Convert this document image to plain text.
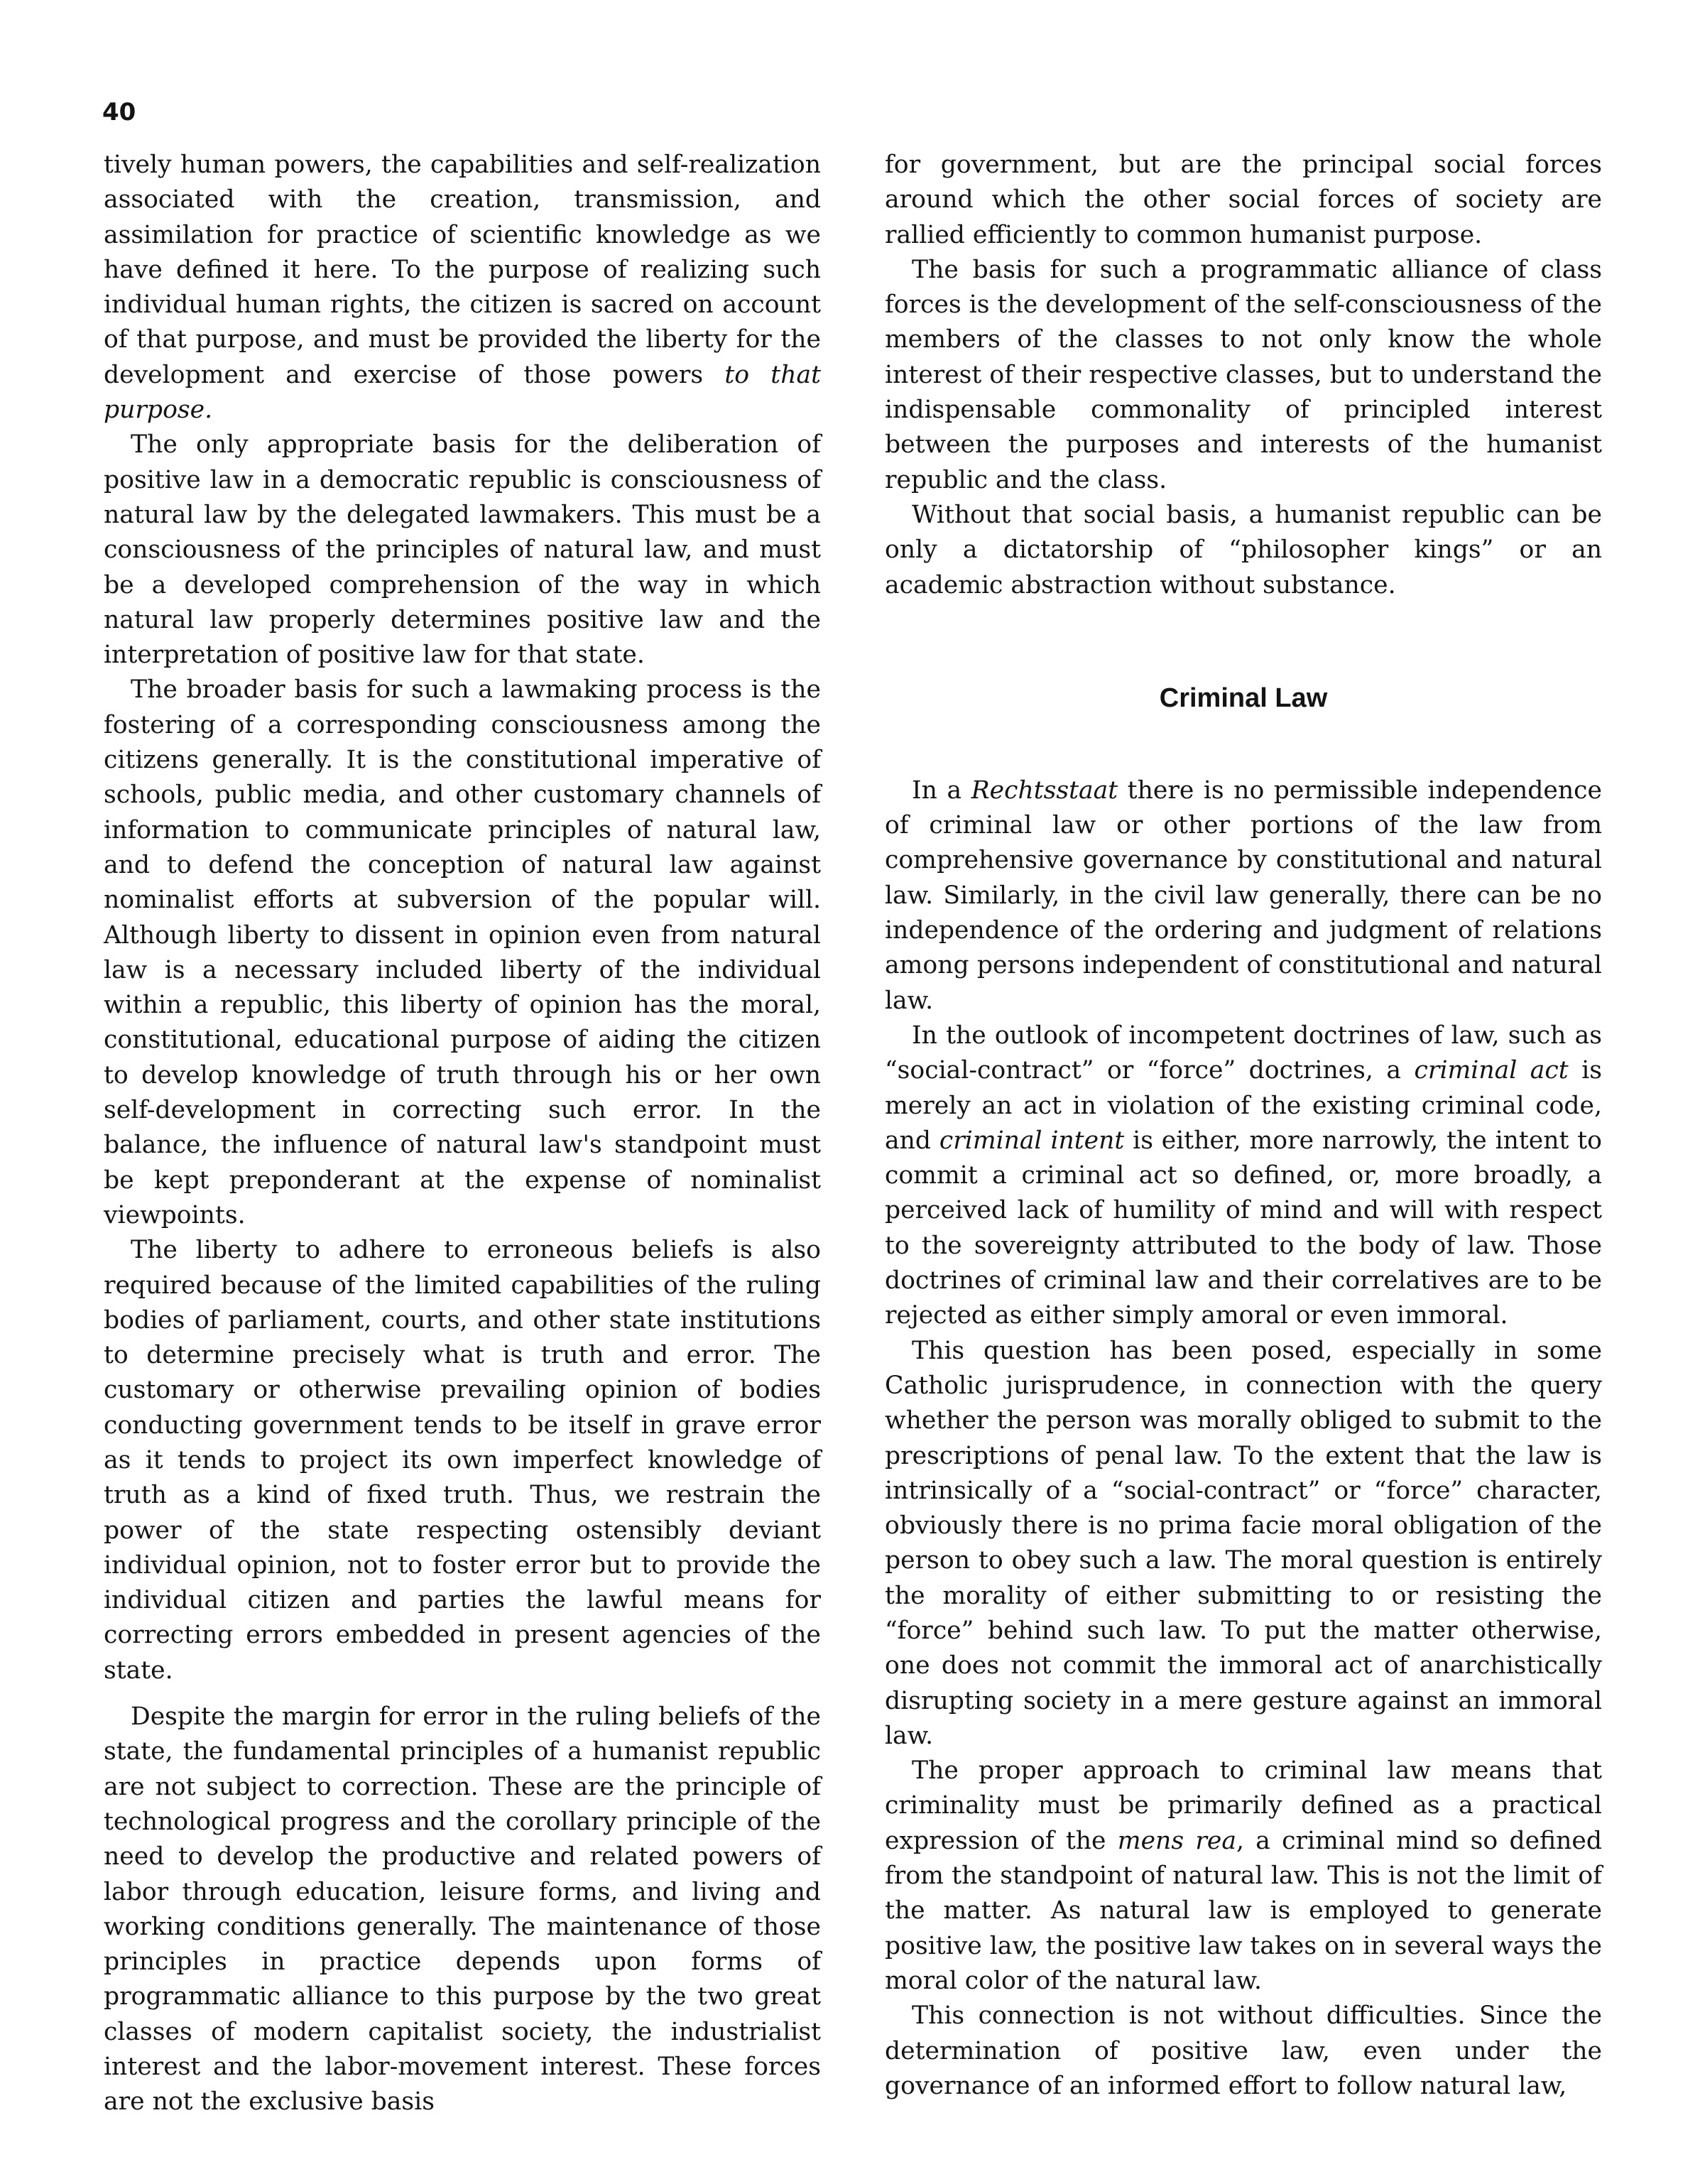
40

tively human powers, the capabilities and self-realization associated with the creation, transmission, and assimilation for practice of scientific knowledge as we have defined it here. To the purpose of realizing such individual human rights, the citizen is sacred on account of that purpose, and must be provided the liberty for the development and exercise of those powers to that purpose.

The only appropriate basis for the deliberation of positive law in a democratic republic is consciousness of natural law by the delegated lawmakers. This must be a consciousness of the principles of natural law, and must be a developed comprehension of the way in which natural law properly determines positive law and the interpretation of positive law for that state.

The broader basis for such a lawmaking process is the fostering of a corresponding consciousness among the citizens generally. It is the constitutional imperative of schools, public media, and other customary channels of information to communicate principles of natural law, and to defend the conception of natural law against nominalist efforts at subversion of the popular will. Although liberty to dissent in opinion even from natural law is a necessary included liberty of the individual within a republic, this liberty of opinion has the moral, constitutional, educational purpose of aiding the citizen to develop knowledge of truth through his or her own self-development in correcting such error. In the balance, the influence of natural law's standpoint must be kept preponderant at the expense of nominalist viewpoints.

The liberty to adhere to erroneous beliefs is also required because of the limited capabilities of the ruling bodies of parliament, courts, and other state institutions to determine precisely what is truth and error. The customary or otherwise prevailing opinion of bodies conducting government tends to be itself in grave error as it tends to project its own imperfect knowledge of truth as a kind of fixed truth. Thus, we restrain the power of the state respecting ostensibly deviant individual opinion, not to foster error but to provide the individual citizen and parties the lawful means for correcting errors embedded in present agencies of the state.

Despite the margin for error in the ruling beliefs of the state, the fundamental principles of a humanist republic are not subject to correction. These are the principle of technological progress and the corollary principle of the need to develop the productive and related powers of labor through education, leisure forms, and living and working conditions generally. The maintenance of those principles in practice depends upon forms of programmatic alliance to this purpose by the two great classes of modern capitalist society, the industrialist interest and the labor-movement interest. These forces are not the exclusive basis

for government, but are the principal social forces around which the other social forces of society are rallied efficiently to common humanist purpose.

The basis for such a programmatic alliance of class forces is the development of the self-consciousness of the members of the classes to not only know the whole interest of their respective classes, but to understand the indispensable commonality of principled interest between the purposes and interests of the humanist republic and the class.

Without that social basis, a humanist republic can be only a dictatorship of “philosopher kings” or an academic abstraction without substance.

Criminal Law

In a Rechtsstaat there is no permissible independence of criminal law or other portions of the law from comprehensive governance by constitutional and natural law. Similarly, in the civil law generally, there can be no independence of the ordering and judgment of relations among persons independent of constitutional and natural law.

In the outlook of incompetent doctrines of law, such as “social-contract” or “force” doctrines, a criminal act is merely an act in violation of the existing criminal code, and criminal intent is either, more narrowly, the intent to commit a criminal act so defined, or, more broadly, a perceived lack of humility of mind and will with respect to the sovereignty attributed to the body of law. Those doctrines of criminal law and their correlatives are to be rejected as either simply amoral or even immoral.

This question has been posed, especially in some Catholic jurisprudence, in connection with the query whether the person was morally obliged to submit to the prescriptions of penal law. To the extent that the law is intrinsically of a “social-contract” or “force” character, obviously there is no prima facie moral obligation of the person to obey such a law. The moral question is entirely the morality of either submitting to or resisting the “force” behind such law. To put the matter otherwise, one does not commit the immoral act of anarchistically disrupting society in a mere gesture against an immoral law.

The proper approach to criminal law means that criminality must be primarily defined as a practical expression of the mens rea, a criminal mind so defined from the standpoint of natural law. This is not the limit of the matter. As natural law is employed to generate positive law, the positive law takes on in several ways the moral color of the natural law.

This connection is not without difficulties. Since the determination of positive law, even under the governance of an informed effort to follow natural law,
